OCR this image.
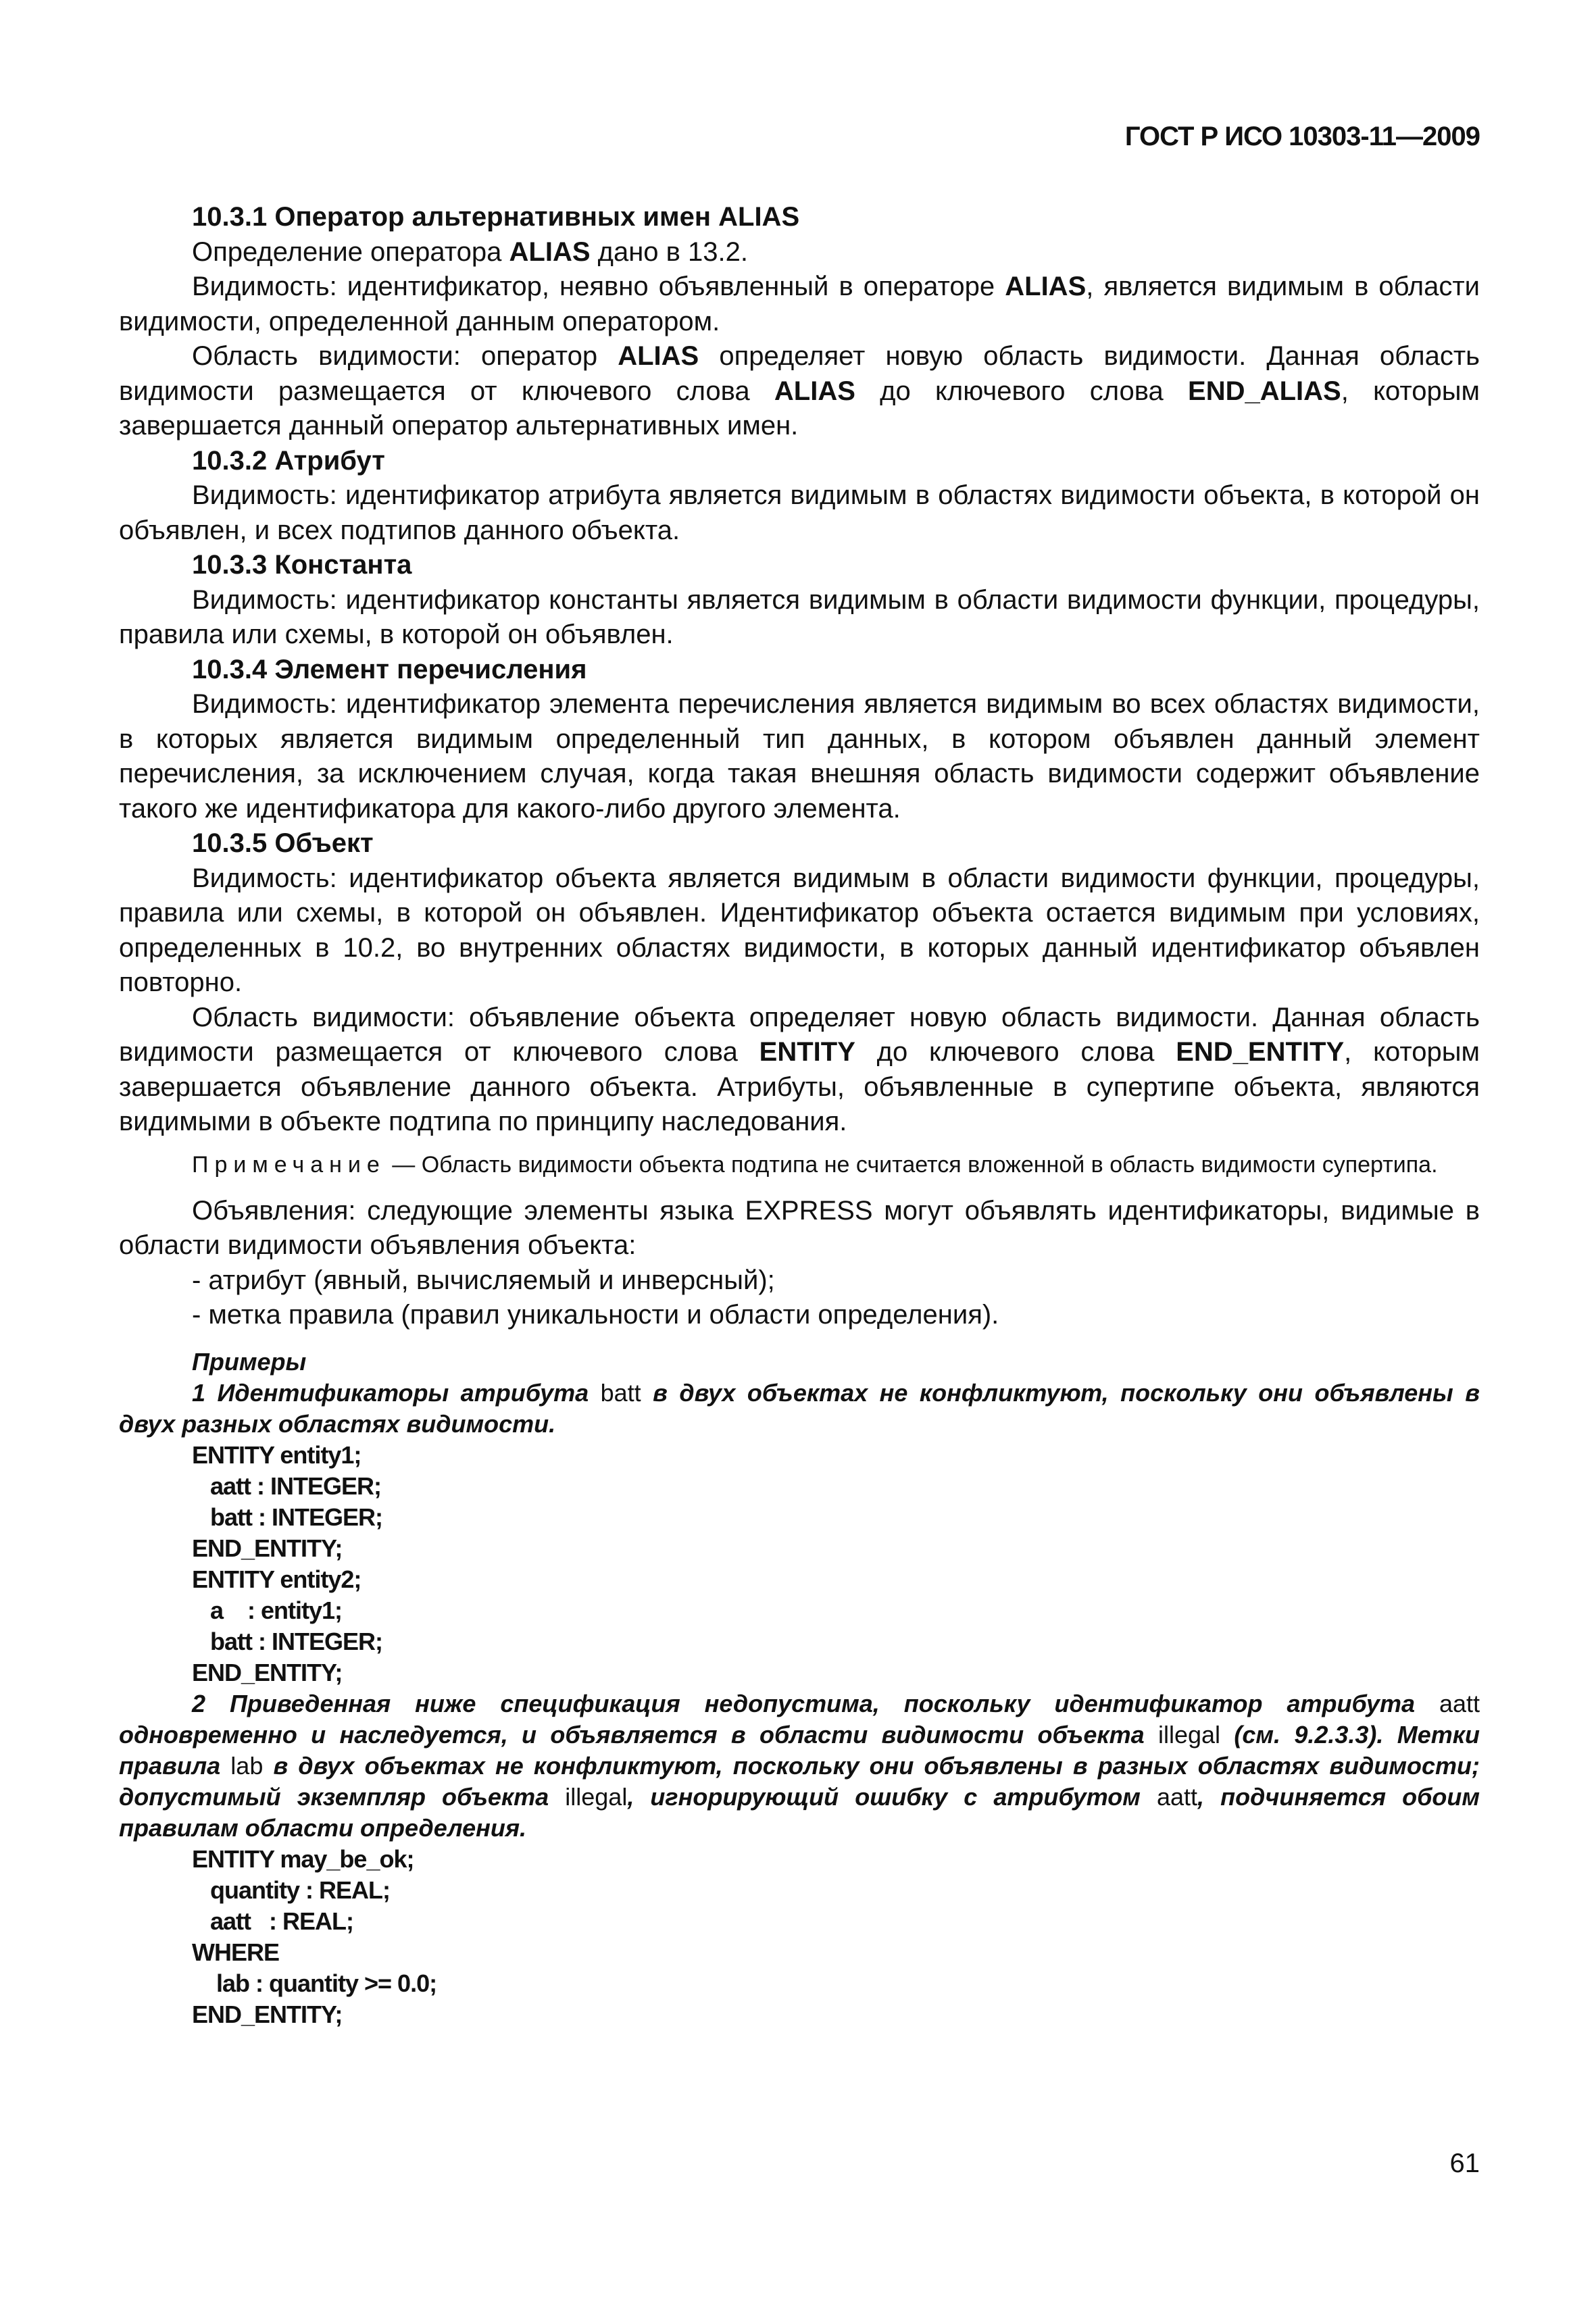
ГОСТ Р ИСО 10303-11—2009
10.3.1 Оператор альтернативных имен ALIAS

Определение оператора ALIAS дано в 13.2.

Видимость: идентификатор, неявно объявленный в операторе ALIAS, является видимым в области видимости, определенной данным оператором.

Область видимости: оператор ALIAS определяет новую область видимости. Данная область видимости размещается от ключевого слова ALIAS до ключевого слова END_ALIAS, которым завершается данный оператор альтернативных имен.

10.3.2 Атрибут

Видимость: идентификатор атрибута является видимым в областях видимости объекта, в которой он объявлен, и всех подтипов данного объекта.

10.3.3 Константа

Видимость: идентификатор константы является видимым в области видимости функции, процедуры, правила или схемы, в которой он объявлен.

10.3.4 Элемент перечисления

Видимость: идентификатор элемента перечисления является видимым во всех областях видимости, в которых является видимым определенный тип данных, в котором объявлен данный элемент перечисления, за исключением случая, когда такая внешняя область видимости содержит объявление такого же идентификатора для какого-либо другого элемента.

10.3.5 Объект

Видимость: идентификатор объекта является видимым в области видимости функции, процедуры, правила или схемы, в которой он объявлен. Идентификатор объекта остается видимым при условиях, определенных в 10.2, во внутренних областях видимости, в которых данный идентификатор объявлен повторно.

Область видимости: объявление объекта определяет новую область видимости. Данная область видимости размещается от ключевого слова ENTITY до ключевого слова END_ENTITY, которым завершается объявление данного объекта. Атрибуты, объявленные в супертипе объекта, являются видимыми в объекте подтипа по принципу наследования.

Примечание — Область видимости объекта подтипа не считается вложенной в область видимости супертипа.

Объявления: следующие элементы языка EXPRESS могут объявлять идентификаторы, видимые в области видимости объявления объекта:

- атрибут (явный, вычисляемый и инверсный);
- метка правила (правил уникальности и области определения).
Примеры

1 Идентификаторы атрибута batt в двух объектах не конфликтуют, поскольку они объявлены в двух разных областях видимости.

ENTITY entity1;
aatt : INTEGER;
batt : INTEGER;
END_ENTITY;
ENTITY entity2;
a    : entity1;
batt : INTEGER;
END_ENTITY;

2 Приведенная ниже спецификация недопустима, поскольку идентификатор атрибута aatt одновременно и наследуется, и объявляется в области видимости объекта illegal (см. 9.2.3.3). Метки правила lab в двух объектах не конфликтуют, поскольку они объявлены в разных областях видимости; допустимый экземпляр объекта illegal, игнорирующий ошибку с атрибутом aatt, подчиняется обоим правилам области определения.

ENTITY may_be_ok;
quantity : REAL;
aatt   : REAL;
WHERE
lab : quantity >= 0.0;
END_ENTITY;
61
